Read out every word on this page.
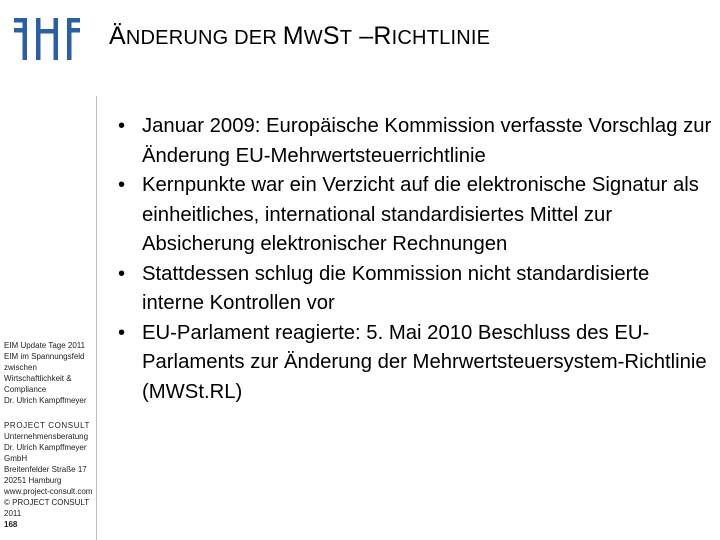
ÄNDERUNG DER MWST –RICHTLINIE
EIM Update Tage 2011
EIM im Spannungsfeld
zwischen
Wirtschaftlichkeit &
Compliance
Dr. Ulrich Kampffmeyer
PROJECT CONSULT
Unternehmensberatung
Dr. Ulrich Kampffmeyer
GmbH
Breitenfelder Straße 17
20251 Hamburg
www.project-consult.com
© PROJECT CONSULT
2011
168
• Januar 2009: Europäische Kommission verfasste Vorschlag zur Änderung EU-Mehrwertsteuerrichtlinie
• Kernpunkte war ein Verzicht auf die elektronische Signatur als einheitliches, international standardisiertes Mittel zur Absicherung elektronischer Rechnungen
• Stattdessen schlug die Kommission nicht standardisierte interne Kontrollen vor
• EU-Parlament reagierte: 5. Mai 2010 Beschluss des EU-Parlaments zur Änderung der Mehrwertsteuersystem-Richtlinie (MWSt.RL)
